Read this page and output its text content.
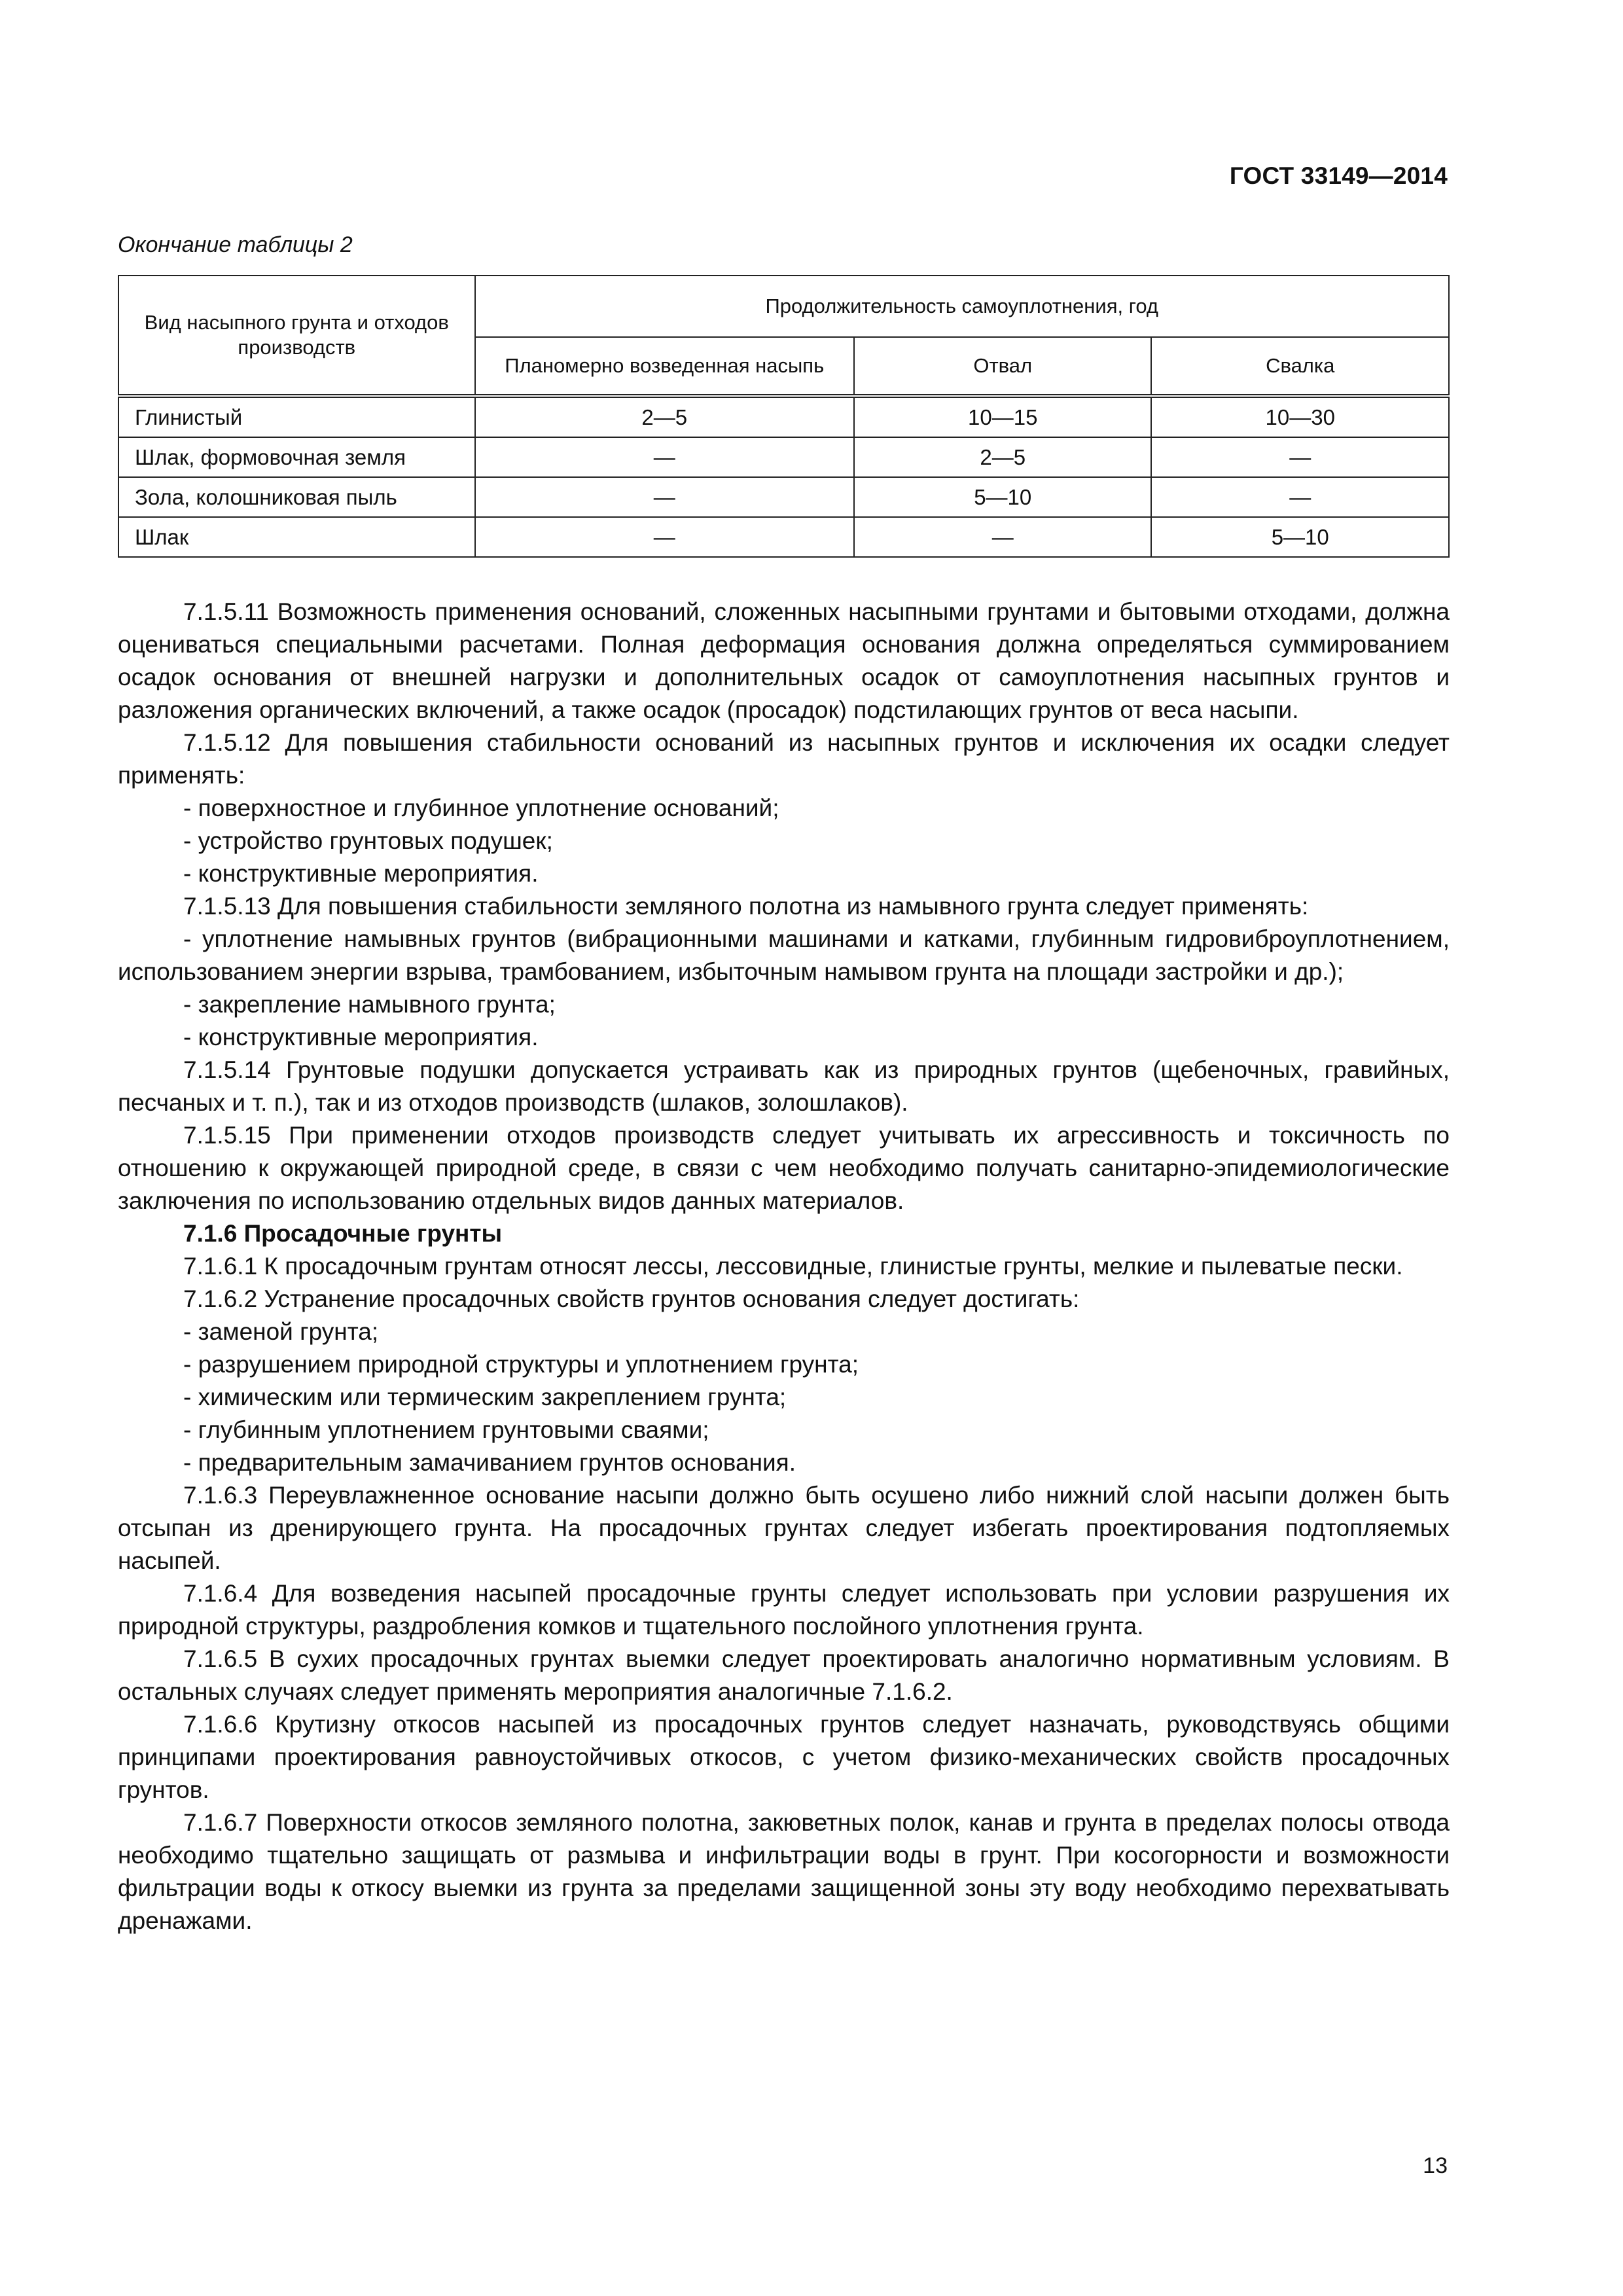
ГОСТ 33149—2014
Окончание таблицы 2
Вид насыпного грунта и отходов производств	Продолжительность самоуплотнения, год		
	Планомерно возведенная насыпь	Отвал	Свалка
Глинистый	2—5	10—15	10—30
Шлак, формовочная земля	—	2—5	—
Зола, колошниковая пыль	—	5—10	—
Шлак	—	—	5—10
7.1.5.11 Возможность применения оснований, сложенных насыпными грунтами и бытовыми отходами, должна оцениваться специальными расчетами. Полная деформация основания должна определяться суммированием осадок основания от внешней нагрузки и дополнительных осадок от самоуплотнения насыпных грунтов и разложения органических включений, а также осадок (просадок) подстилающих грунтов от веса насыпи.
7.1.5.12 Для повышения стабильности оснований из насыпных грунтов и исключения их осадки следует применять:
- поверхностное и глубинное уплотнение оснований;
- устройство грунтовых подушек;
- конструктивные мероприятия.
7.1.5.13 Для повышения стабильности земляного полотна из намывного грунта следует применять:
- уплотнение намывных грунтов (вибрационными машинами и катками, глубинным гидровиброуплотнением, использованием энергии взрыва, трамбованием, избыточным намывом грунта на площади застройки и др.);
- закрепление намывного грунта;
- конструктивные мероприятия.
7.1.5.14 Грунтовые подушки допускается устраивать как из природных грунтов (щебеночных, гравийных, песчаных и т. п.), так и из отходов производств (шлаков, золошлаков).
7.1.5.15 При применении отходов производств следует учитывать их агрессивность и токсичность по отношению к окружающей природной среде, в связи с чем необходимо получать санитарно-эпидемиологические заключения по использованию отдельных видов данных материалов.
7.1.6 Просадочные грунты
7.1.6.1 К просадочным грунтам относят лессы, лессовидные, глинистые грунты, мелкие и пылеватые пески.
7.1.6.2 Устранение просадочных свойств грунтов основания следует достигать:
- заменой грунта;
- разрушением природной структуры и уплотнением грунта;
- химическим или термическим закреплением грунта;
- глубинным уплотнением грунтовыми сваями;
- предварительным замачиванием грунтов основания.
7.1.6.3 Переувлажненное основание насыпи должно быть осушено либо нижний слой насыпи должен быть отсыпан из дренирующего грунта. На просадочных грунтах следует избегать проектирования подтопляемых насыпей.
7.1.6.4 Для возведения насыпей просадочные грунты следует использовать при условии разрушения их природной структуры, раздробления комков и тщательного послойного уплотнения грунта.
7.1.6.5 В сухих просадочных грунтах выемки следует проектировать аналогично нормативным условиям. В остальных случаях следует применять мероприятия аналогичные 7.1.6.2.
7.1.6.6 Крутизну откосов насыпей из просадочных грунтов следует назначать, руководствуясь общими принципами проектирования равноустойчивых откосов, с учетом физико-механических свойств просадочных грунтов.
7.1.6.7 Поверхности откосов земляного полотна, закюветных полок, канав и грунта в пределах полосы отвода необходимо тщательно защищать от размыва и инфильтрации воды в грунт. При косогорности и возможности фильтрации воды к откосу выемки из грунта за пределами защищенной зоны эту воду необходимо перехватывать дренажами.
13
